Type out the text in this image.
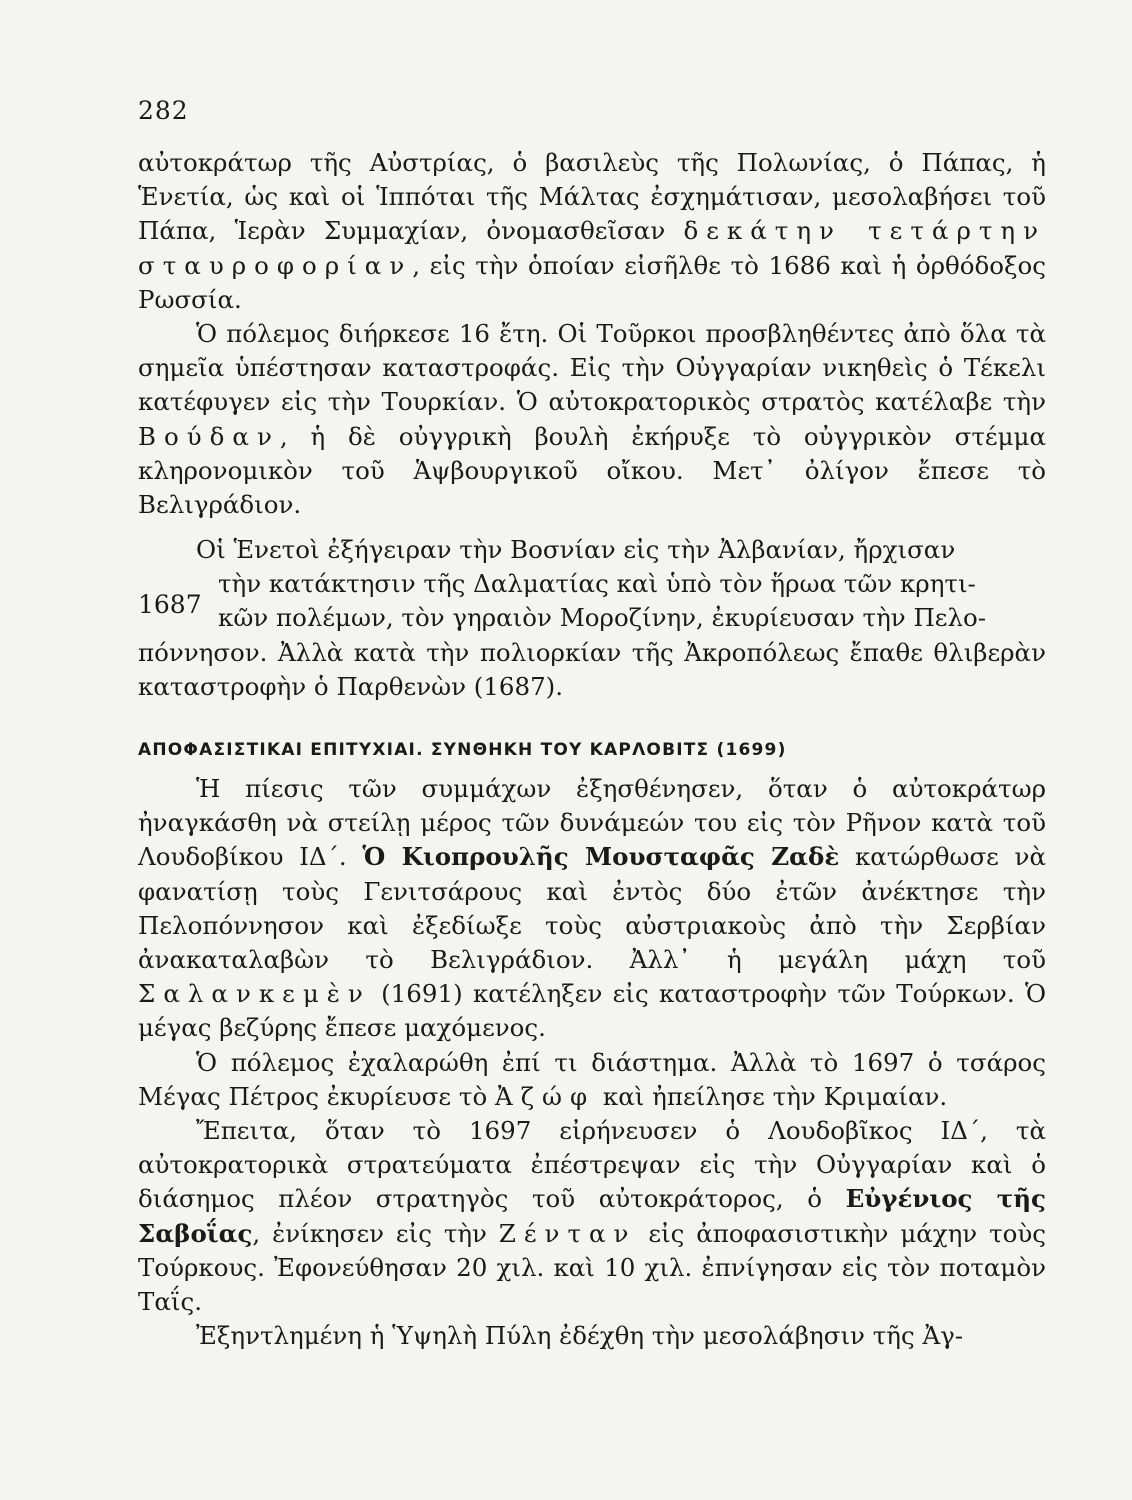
282

αὐτοκράτωρ τῆς Αὐστρίας, ὁ βασιλεὺς τῆς Πολωνίας, ὁ Πάπας, ἡ Ἑνετία, ὡς καὶ οἱ Ἱππόται τῆς Μάλτας ἐσχημάτισαν, μεσολαβήσει τοῦ Πάπα, Ἱερὰν Συμμαχίαν, ὀνομασθεῖσαν δεκάτην τετάρτην σταυροφορίαν, εἰς τὴν ὁποίαν εἰσῆλθε τὸ 1686 καὶ ἡ ὀρθόδοξος Ρωσσία.

Ὁ πόλεμος διήρκεσε 16 ἔτη. Οἱ Τοῦρκοι προσβληθέντες ἀπὸ ὅλα τὰ σημεῖα ὑπέστησαν καταστροφάς. Εἰς τὴν Οὐγγαρίαν νικηθεὶς ὁ Τέκελι κατέφυγεν εἰς τὴν Τουρκίαν. Ὁ αὐτοκρατορικὸς στρατὸς κατέλαβε τὴν Βούδαν, ἡ δὲ οὐγγρικὴ βουλὴ ἐκήρυξε τὸ οὐγγρικὸν στέμμα κληρονομικὸν τοῦ Ἁψβουργικοῦ οἴκου. Μετ᾽ ὀλίγον ἔπεσε τὸ Βελιγράδιον.

Οἱ Ἑνετοὶ ἐξήγειραν τὴν Βοσνίαν εἰς τὴν Ἀλβανίαν, ἤρχισαν
τὴν κατάκτησιν τῆς Δαλματίας καὶ ὑπὸ τὸν ἥρωα τῶν κρητι-
κῶν πολέμων, τὸν γηραιὸν Μοροζίνην, ἐκυρίευσαν τὴν Πελο-
πόννησον. Ἀλλὰ κατὰ τὴν πολιορκίαν τῆς Ἀκροπόλεως ἔπαθε θλιβερὰν καταστροφὴν ὁ Παρθενὼν (1687).
1687
ΑΠΟΦΑΣΙΣΤΙΚΑΙ ΕΠΙΤΥΧΙΑΙ. ΣΥΝΘΗΚΗ ΤΟΥ ΚΑΡΛΟΒΙΤΣ (1699)

Ἡ πίεσις τῶν συμμάχων ἐξησθένησεν, ὅταν ὁ αὐτοκράτωρ ἠναγκάσθη νὰ στείλῃ μέρος τῶν δυνάμεών του εἰς τὸν Ρῆνον κατὰ τοῦ Λουδοβίκου ΙΔ΄. Ὁ Κιοπρουλῆς Μουσταφᾶς Ζαδὲ κατώρθωσε νὰ φανατίσῃ τοὺς Γενιτσάρους καὶ ἐντὸς δύο ἐτῶν ἀνέκτησε τὴν Πελοπόννησον καὶ ἐξεδίωξε τοὺς αὐστριακοὺς ἀπὸ τὴν Σερβίαν ἀνακαταλαβὼν τὸ Βελιγράδιον. Ἀλλ᾽ ἡ μεγάλη μάχη τοῦ Σαλανκεμὲν (1691) κατέληξεν εἰς καταστροφὴν τῶν Τούρκων. Ὁ μέγας βεζύρης ἔπεσε μαχόμενος.

Ὁ πόλεμος ἐχαλαρώθη ἐπί τι διάστημα. Ἀλλὰ τὸ 1697 ὁ τσάρος Μέγας Πέτρος ἐκυρίευσε τὸ Ἀζώφ καὶ ἠπείλησε τὴν Κριμαίαν.

Ἔπειτα, ὅταν τὸ 1697 εἰρήνευσεν ὁ Λουδοβῖκος ΙΔ΄, τὰ αὐτοκρατορικὰ στρατεύματα ἐπέστρεψαν εἰς τὴν Οὐγγαρίαν καὶ ὁ διάσημος πλέον στρατηγὸς τοῦ αὐτοκράτορος, ὁ Εὐγένιος τῆς Σαβοΐας, ἐνίκησεν εἰς τὴν Ζένταν εἰς ἀποφασιστικὴν μάχην τοὺς Τούρκους. Ἐφονεύθησαν 20 χιλ. καὶ 10 χιλ. ἐπνίγησαν εἰς τὸν ποταμὸν Ταΐς.

Ἐξηντλημένη ἡ Ὑψηλὴ Πύλη ἐδέχθη τὴν μεσολάβησιν τῆς Ἀγ-
